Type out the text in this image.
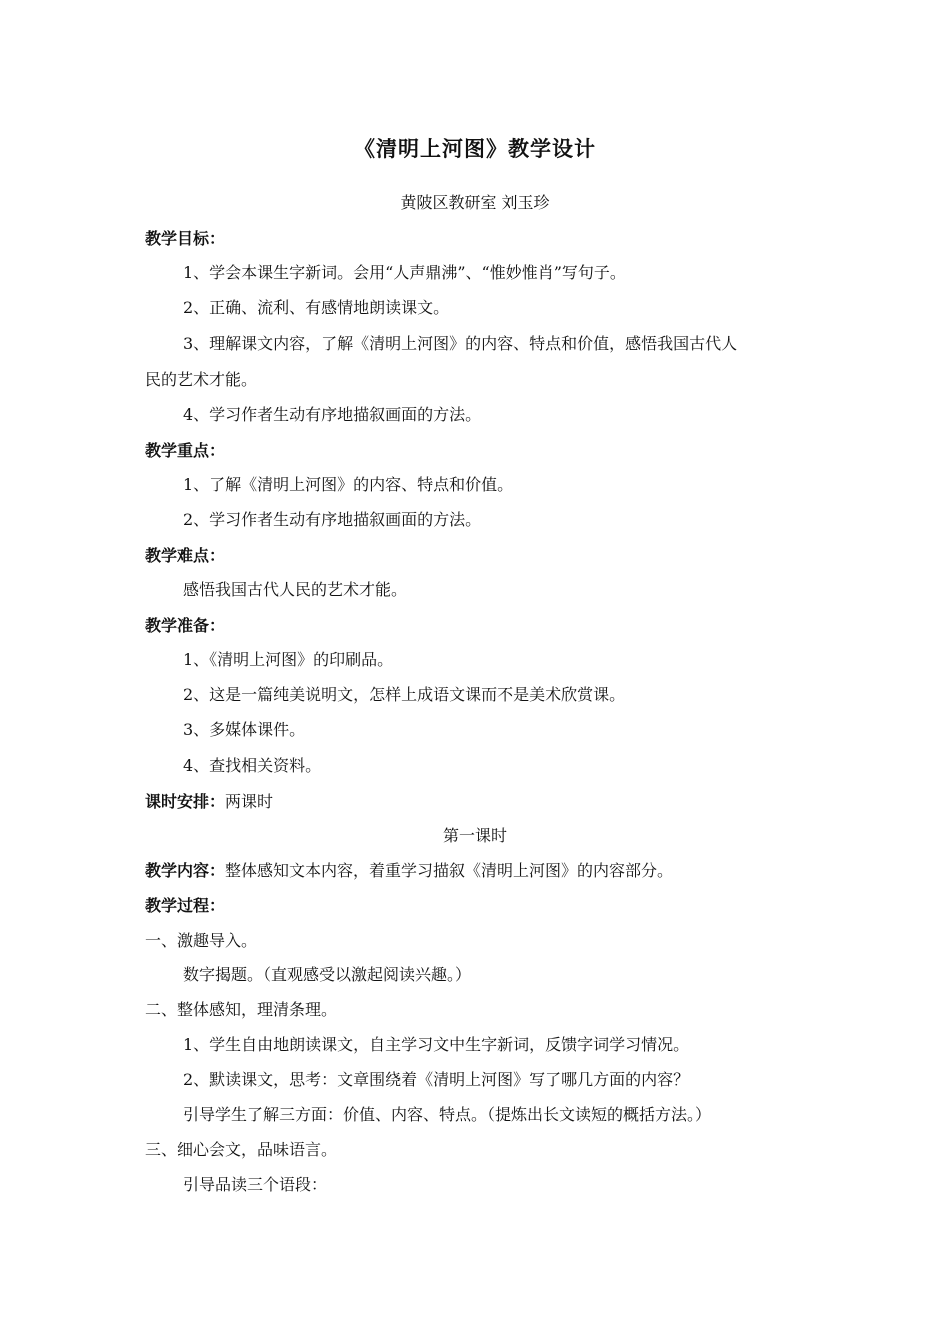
《清明上河图》教学设计
黄陂区教研室 刘玉珍
教学目标：
1、学会本课生字新词。会用“人声鼎沸”、“惟妙惟肖”写句子。
2、正确、流利、有感情地朗读课文。
3、理解课文内容，了解《清明上河图》的内容、特点和价值，感悟我国古代人
民的艺术才能。
4、学习作者生动有序地描叙画面的方法。
教学重点：
1、了解《清明上河图》的内容、特点和价值。
2、学习作者生动有序地描叙画面的方法。
教学难点：
感悟我国古代人民的艺术才能。
教学准备：
1、《清明上河图》的印刷品。
2、这是一篇纯美说明文，怎样上成语文课而不是美术欣赏课。
3、多媒体课件。
4、查找相关资料。
课时安排：两课时
第一课时
教学内容：整体感知文本内容，着重学习描叙《清明上河图》的内容部分。
教学过程：
一、激趣导入。
数字揭题。（直观感受以激起阅读兴趣。）
二、整体感知，理清条理。
1、学生自由地朗读课文，自主学习文中生字新词，反馈字词学习情况。
2、默读课文，思考：文章围绕着《清明上河图》写了哪几方面的内容？
引导学生了解三方面：价值、内容、特点。（提炼出长文读短的概括方法。）
三、细心会文，品味语言。
引导品读三个语段：
